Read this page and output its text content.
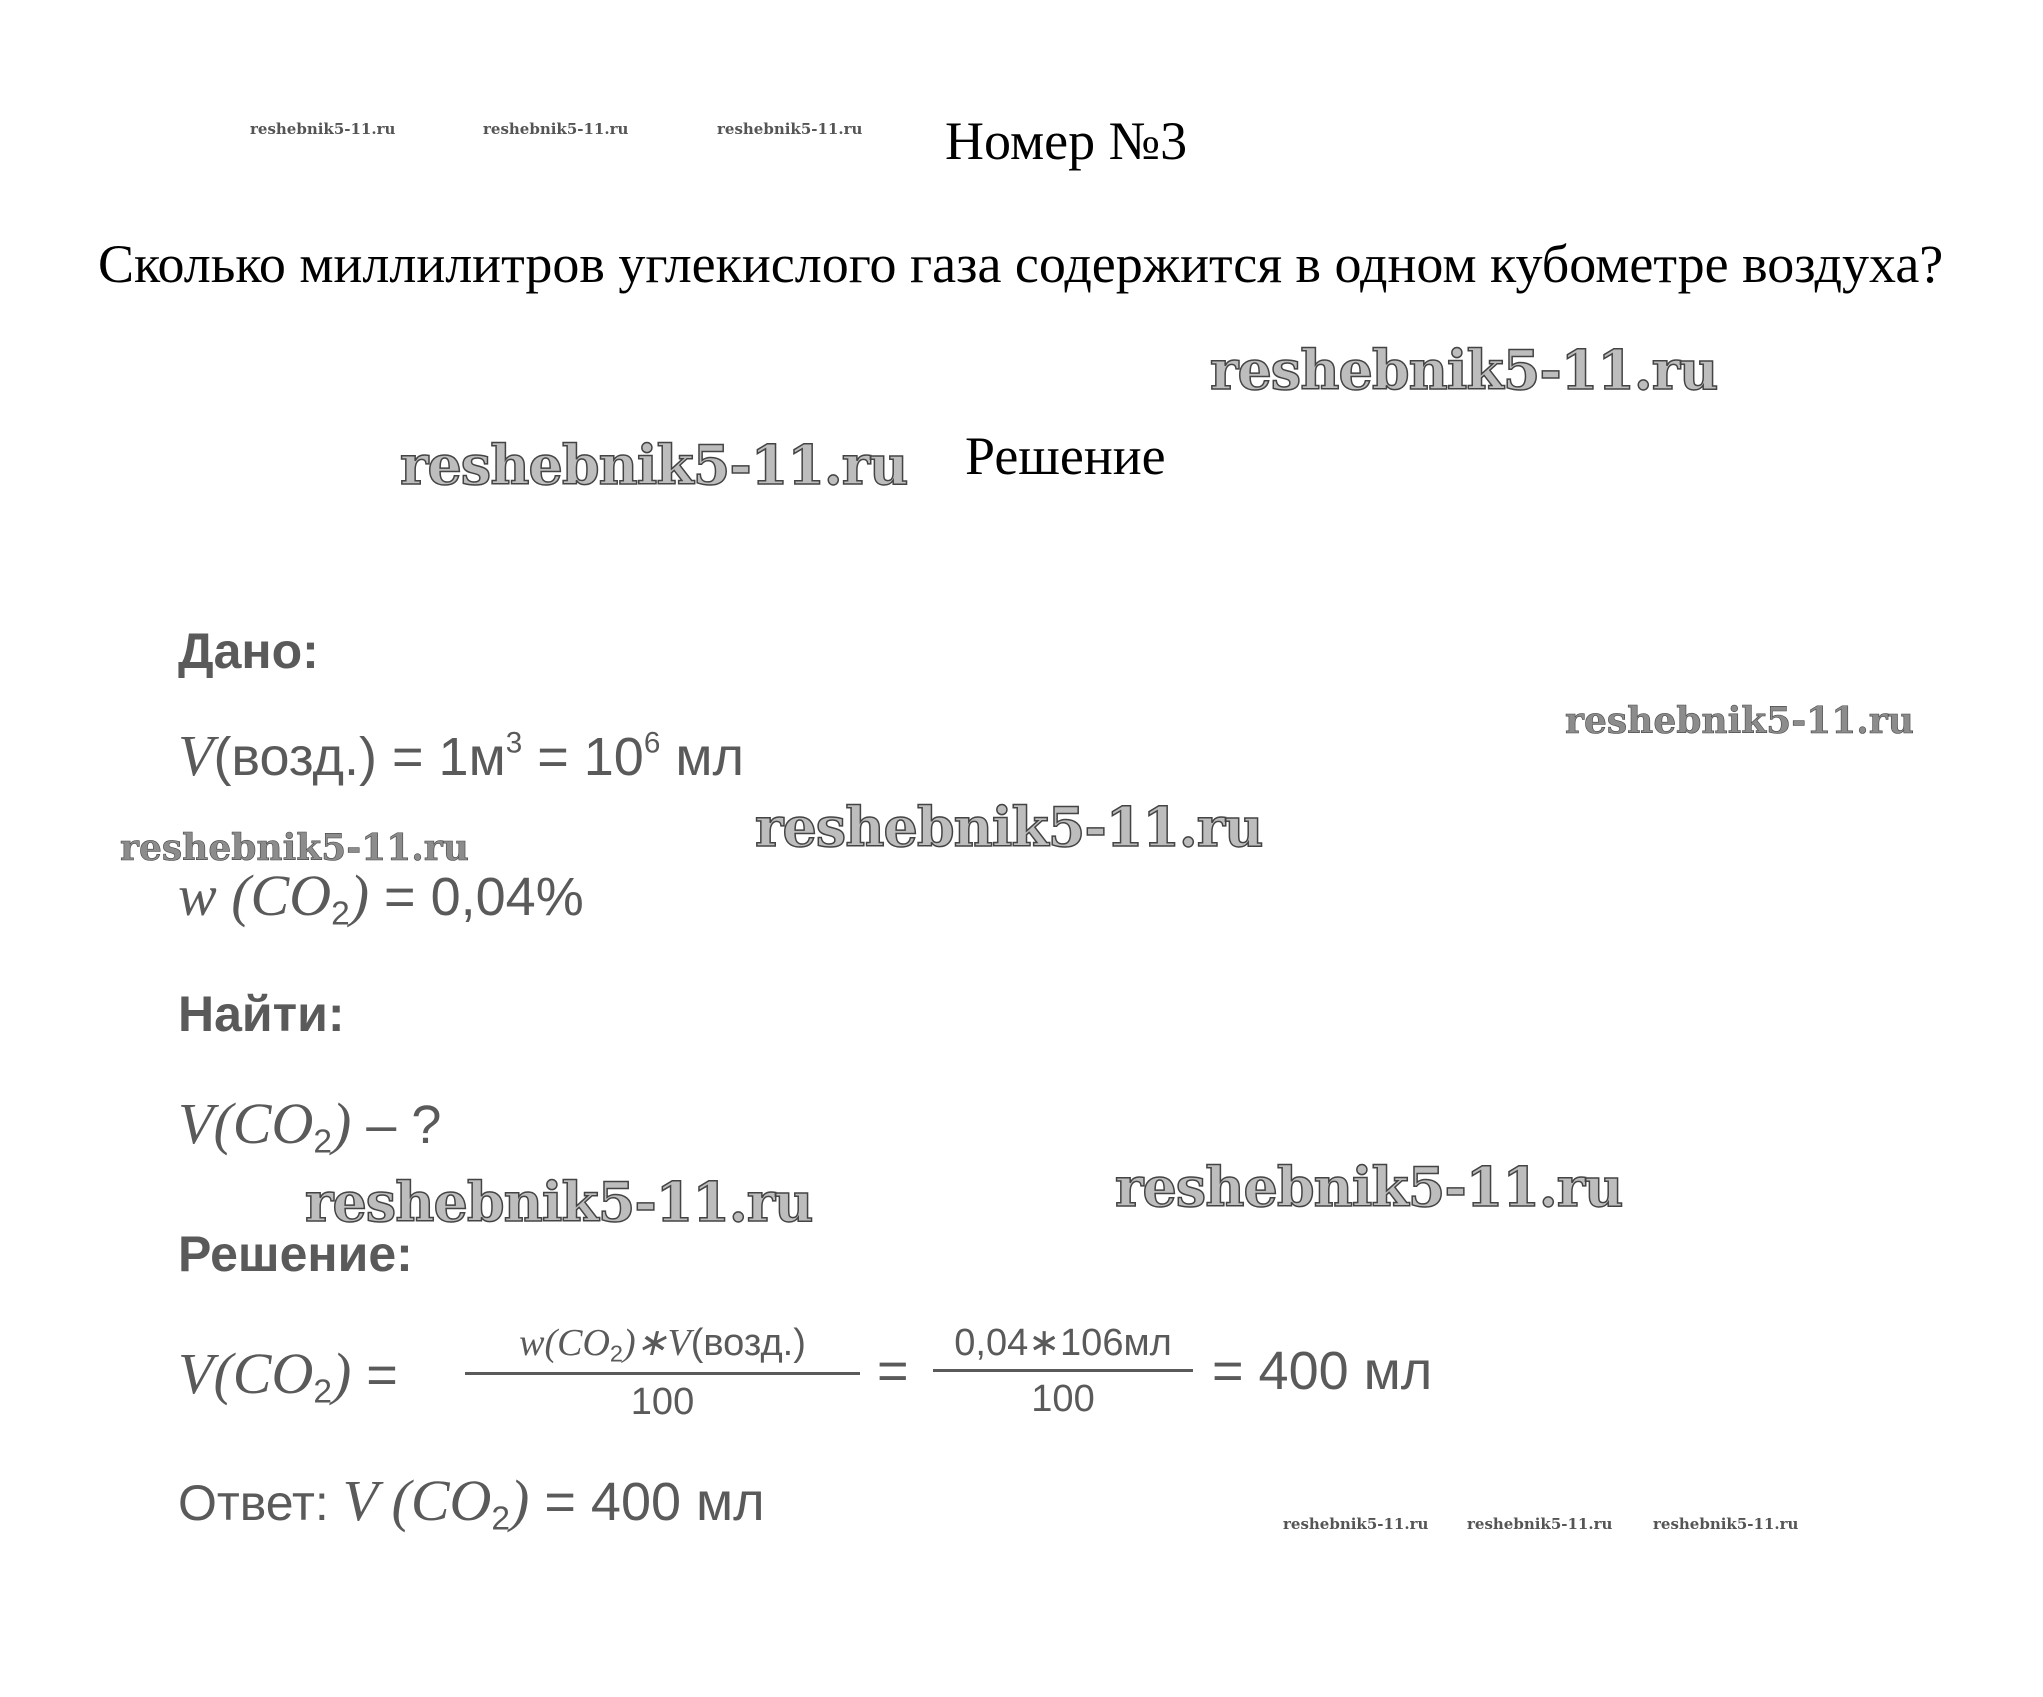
reshebnik5-11.ru	reshebnik5-11.ru	reshebnik5-11.ru Номер №3
Сколько миллилитров углекислого газа содержится в одном кубометре воздуха?
reshebnik5-11.ru
reshebnik5-11.ru Решение
reshebnik5-11.ru
reshebnik5-11.ru
reshebnik5-11.ru
reshebnik5-11.ru
reshebnik5-11.ru
Дано:
V(возд.) = $1м^3 = 10^6$ мл
w $(CO_2) = 0,04\%$
Найти:
$V(CO_2)$ – ?
Решение:
$V(CO_2)$ =
$w(CO_2)∗V(возд.)$
100
=	0,04∗106мл
100	= 400 мл
Ответ: V $(CO_2) = 400$ мл	reshebnik5-11.ru	reshebnik5-11.ru	reshebnik5-11.ru
